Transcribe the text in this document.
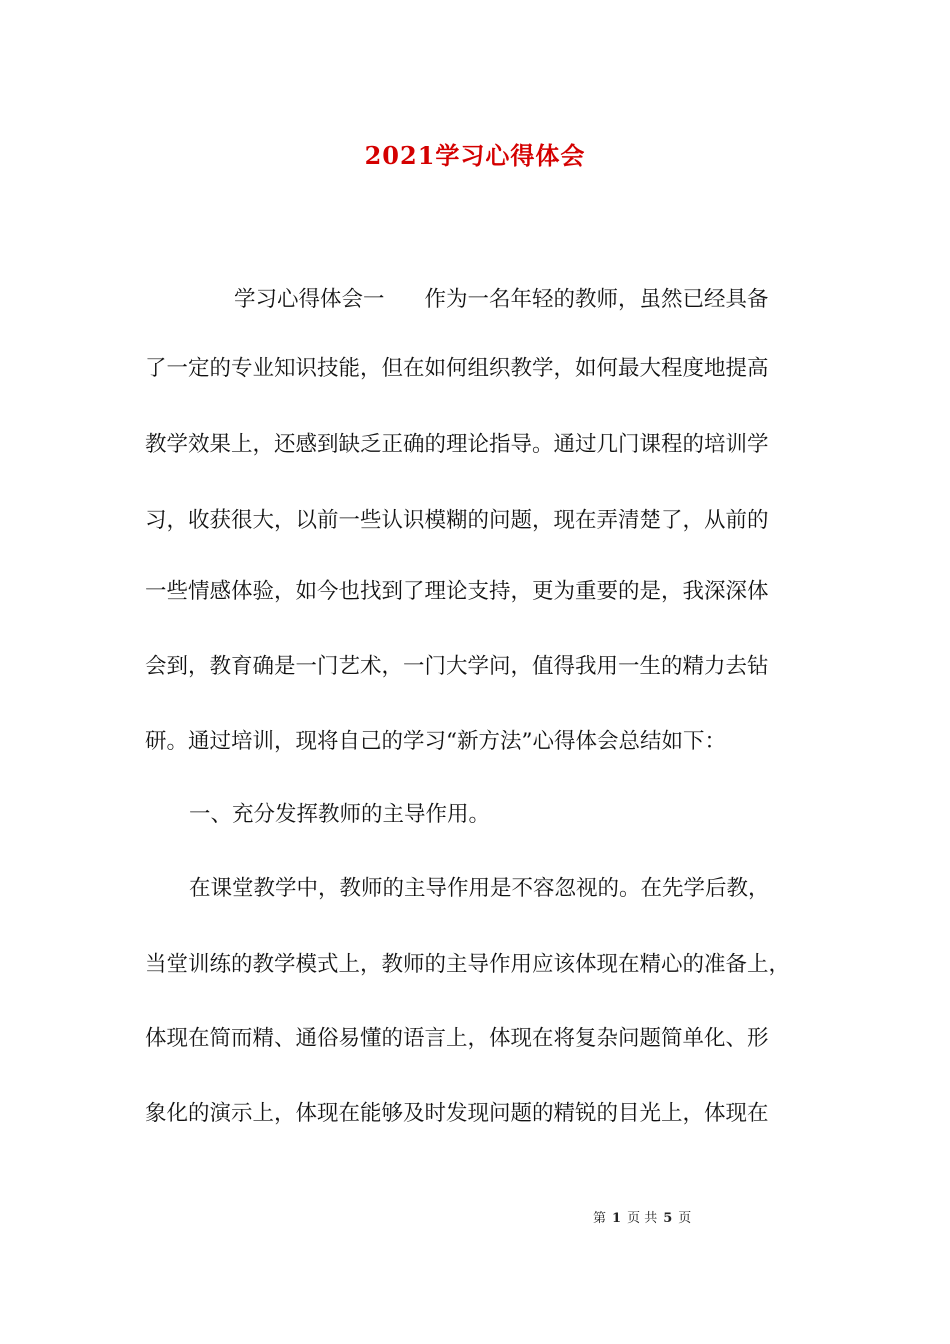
2021学习心得体会
学习心得体会一 作为一名年轻的教师，虽然已经具备
了一定的专业知识技能，但在如何组织教学，如何最大程度地提高
教学效果上，还感到缺乏正确的理论指导。通过几门课程的培训学
习，收获很大，以前一些认识模糊的问题，现在弄清楚了，从前的
一些情感体验，如今也找到了理论支持，更为重要的是，我深深体
会到，教育确是一门艺术，一门大学问，值得我用一生的精力去钻
研。通过培训，现将自己的学习“新方法”心得体会总结如下：
一、充分发挥教师的主导作用。
在课堂教学中，教师的主导作用是不容忽视的。在先学后教，
当堂训练的教学模式上，教师的主导作用应该体现在精心的准备上，
体现在简而精、通俗易懂的语言上，体现在将复杂问题简单化、形
象化的演示上，体现在能够及时发现问题的精锐的目光上，体现在
第 1 页 共 5 页
